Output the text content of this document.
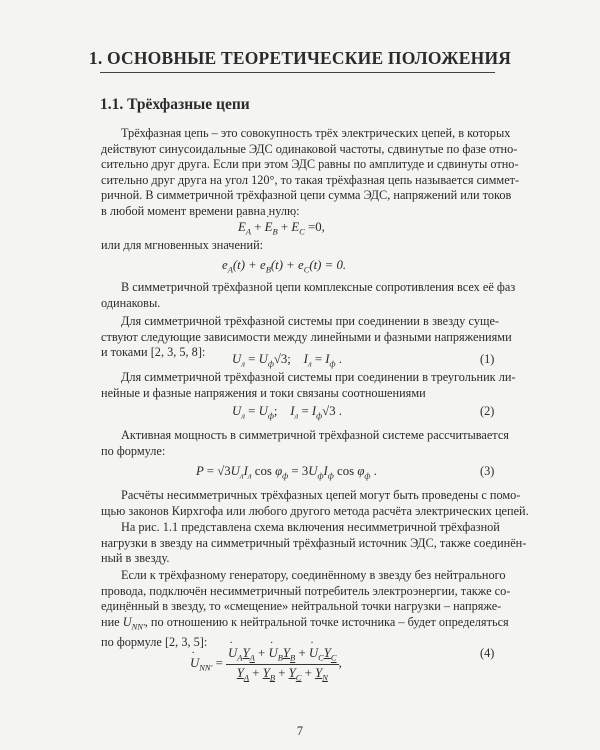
1. ОСНОВНЫЕ ТЕОРЕТИЧЕСКИЕ ПОЛОЖЕНИЯ
1.1. Трёхфазные цепи
Трёхфазная цепь – это совокупность трёх электрических цепей, в которых
действуют синусоидальные ЭДС одинаковой частоты, сдвинутые по фазе отно-
сительно друг друга. Если при этом ЭДС равны по амплитуде и сдвинуты отно-
сительно друг друга на угол 120°, то такая трёхфазная цепь называется симмет-
ричной. В симметричной трёхфазной цепи сумма ЭДС, напряжений или токов
в любой момент времени равна нулю:
E $˙_A + E$ $˙_B + E$ $˙_C =0$,
или для мгновенных значений:
$e_A(t) + e_B(t) + e_C(t) = 0$.
В симметричной трёхфазной цепи комплексные сопротивления всех её фаз
одинаковы.
Для симметричной трёхфазной системы при соединении в звезду суще-
ствуют следующие зависимости между линейными и фазными напряжениями
и токами [2, 3, 5, 8]:	$U_л = U_ф√3$; $I_л = I_ф$ .	(1)
Для симметричной трёхфазной системы при соединении в треугольник ли-
нейные и фазные напряжения и токи связаны соотношениями
$U_л = U_ф$; $I_л = I_ф√3$ .	(2)
Активная мощность в симметричной трёхфазной системе рассчитывается
по формуле:
$P = √3U_лI_л$ $\cos \varphi_ф = 3U_фI_ф$ $\cos \varphi_ф$ .	(3)
Расчёты несимметричных трёхфазных цепей могут быть проведены с помо-
щью законов Кирхгофа или любого другого метода расчёта электрических цепей.
На рис. 1.1 представлена схема включения несимметричной трёхфазной
нагрузки в звезду на симметричный трёхфазный источник ЭДС, также соединён-
ный в звезду.
Если к трёхфазному генератору, соединённому в звезду без нейтрального
провода, подключён несимметричный потребитель электроэнергии, также со-
единённый в звезду, то «смещение» нейтральной точки нагрузки – напряже-
ние U $˙_{NN'}$, по отношению к нейтральной точке источника – будет определяться
по формуле [2, 3, 5]:
U $˙_{NN'} = \frac{U ˙_AY_A + U ˙_BY_B + U ˙_CY_C}{Y_A + Y_B + Y_C + Y_N}$ ,
(4)
7
